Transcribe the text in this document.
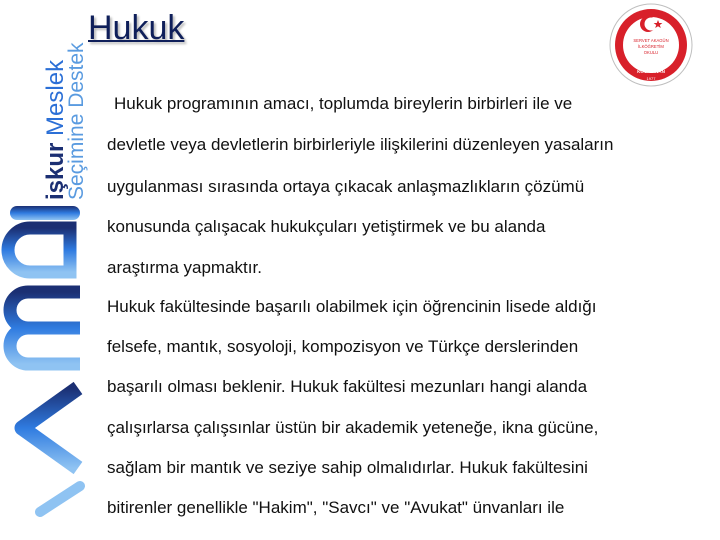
işkur Meslek
Seçimine Destek
Hukuk	SERVET AKAGÜN
İLKÖĞRETİM
OKULU
KOCASİNAN
1977
Hukuk programının amacı, toplumda bireylerin birbirleri ile ve
devletle veya devletlerin birbirleriyle ilişkilerini düzenleyen yasaların
uygulanması sırasında ortaya çıkacak anlaşmazlıkların çözümü
konusunda çalışacak hukukçuları yetiştirmek ve bu alanda
araştırma yapmaktır.
Hukuk fakültesinde başarılı olabilmek için öğrencinin lisede aldığı
felsefe, mantık, sosyoloji, kompozisyon ve Türkçe derslerinden
başarılı olması beklenir. Hukuk fakültesi mezunları hangi alanda
çalışırlarsa çalışsınlar üstün bir akademik yeteneğe, ikna gücüne,
sağlam bir mantık ve seziye sahip olmalıdırlar. Hukuk fakültesini
bitirenler genellikle "Hakim", "Savcı" ve "Avukat" ünvanları ile
